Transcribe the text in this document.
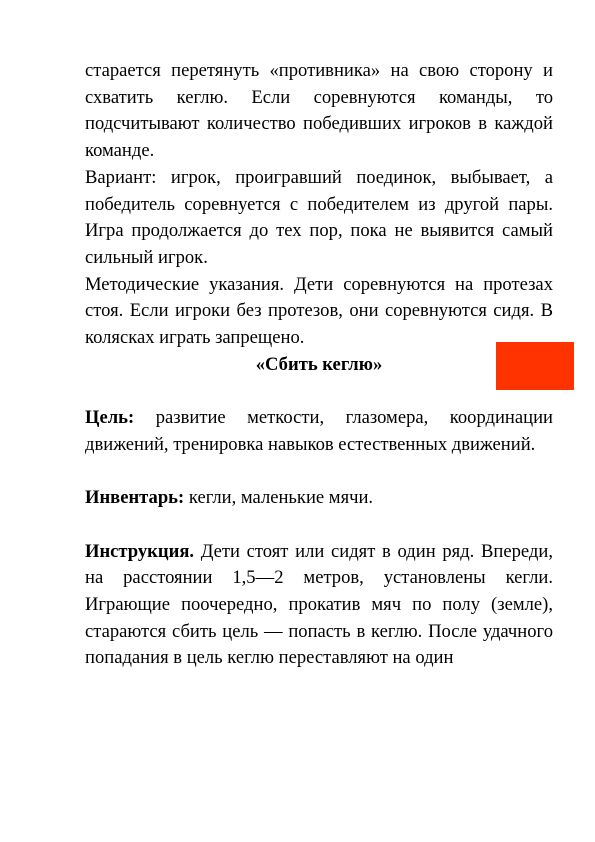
старается перетянуть «противника» на свою сторону и схватить кеглю. Если соревнуются команды, то подсчитывают количество победивших игроков в каждой команде.

Вариант: игрок, проигравший поединок, выбывает, а победитель соревнуется с победителем из другой пары. Игра продолжается до тех пор, пока не выявится самый сильный игрок.

Методические указания. Дети соревнуются на протезах стоя. Если игроки без протезов, они соревнуются сидя. В колясках играть запрещено.

«Сбить кеглю»

Цель: развитие меткости, глазомера, координации движений, тренировка навыков естественных движений.

Инвентарь: кегли, маленькие мячи.

Инструкция. Дети стоят или сидят в один ряд. Впереди, на расстоянии 1,5—2 метров, установлены кегли. Играющие поочередно, прокатив мяч по полу (земле), стараются сбить цель — попасть в кеглю. После удачного попадания в цель кеглю переставляют на один
